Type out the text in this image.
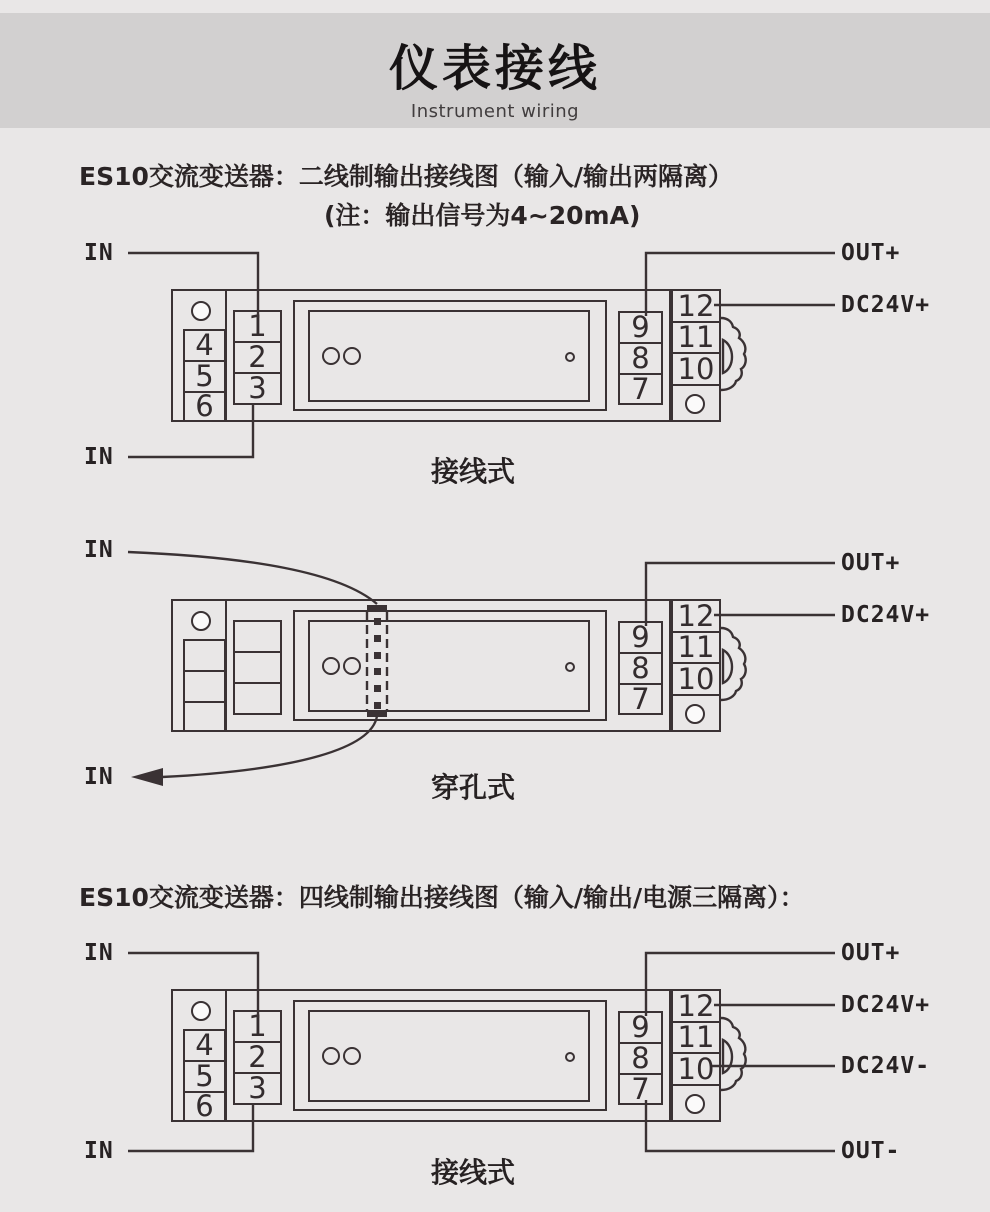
仪表接线
Instrument wiring
ES10交流变送器：二线制输出接线图（输入/输出两隔离）
(注：输出信号为4~20mA)
ES10交流变送器：四线制输出接线图（输入/输出/电源三隔离）：
4
5
6
1
2
3
9
8
7
12
11
10
IN
IN
OUT+
DC24V+
接线式
9
8
7
12
11
10
IN
IN
OUT+
DC24V+
穿孔式
4
5
6
1
2
3
9
8
7
12
11
10
IN
IN
OUT+
DC24V+
DC24V-
OUT-
接线式
